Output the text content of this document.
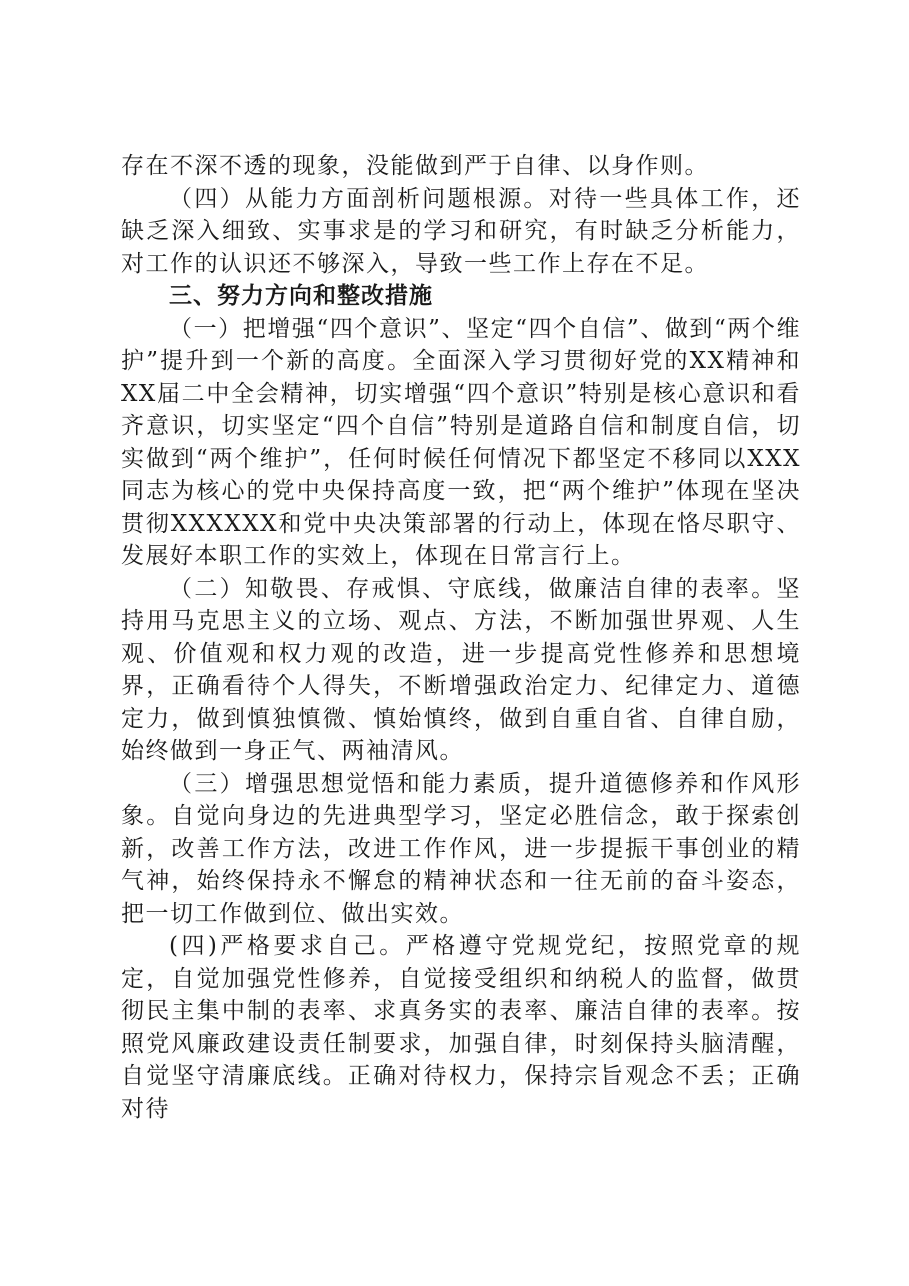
存在不深不透的现象，没能做到严于自律、以身作则。

（四）从能力方面剖析问题根源。对待一些具体工作，还缺乏深入细致、实事求是的学习和研究，有时缺乏分析能力，对工作的认识还不够深入，导致一些工作上存在不足。

三、努力方向和整改措施

（一）把增强“四个意识”、坚定“四个自信”、做到“两个维护”提升到一个新的高度。全面深入学习贯彻好党的XX精神和XX届二中全会精神，切实增强“四个意识”特别是核心意识和看齐意识，切实坚定“四个自信”特别是道路自信和制度自信，切实做到“两个维护”，任何时候任何情况下都坚定不移同以XXX同志为核心的党中央保持高度一致，把“两个维护”体现在坚决贯彻XXXXXX和党中央决策部署的行动上，体现在恪尽职守、发展好本职工作的实效上，体现在日常言行上。

（二）知敬畏、存戒惧、守底线，做廉洁自律的表率。坚持用马克思主义的立场、观点、方法，不断加强世界观、人生观、价值观和权力观的改造，进一步提高党性修养和思想境界，正确看待个人得失，不断增强政治定力、纪律定力、道德定力，做到慎独慎微、慎始慎终，做到自重自省、自律自励，始终做到一身正气、两袖清风。

（三）增强思想觉悟和能力素质，提升道德修养和作风形象。自觉向身边的先进典型学习，坚定必胜信念，敢于探索创新，改善工作方法，改进工作作风，进一步提振干事创业的精气神，始终保持永不懈怠的精神状态和一往无前的奋斗姿态，把一切工作做到位、做出实效。

(四)严格要求自己。严格遵守党规党纪，按照党章的规定，自觉加强党性修养，自觉接受组织和纳税人的监督，做贯彻民主集中制的表率、求真务实的表率、廉洁自律的表率。按照党风廉政建设责任制要求，加强自律，时刻保持头脑清醒，自觉坚守清廉底线。正确对待权力，保持宗旨观念不丢；正确对待
